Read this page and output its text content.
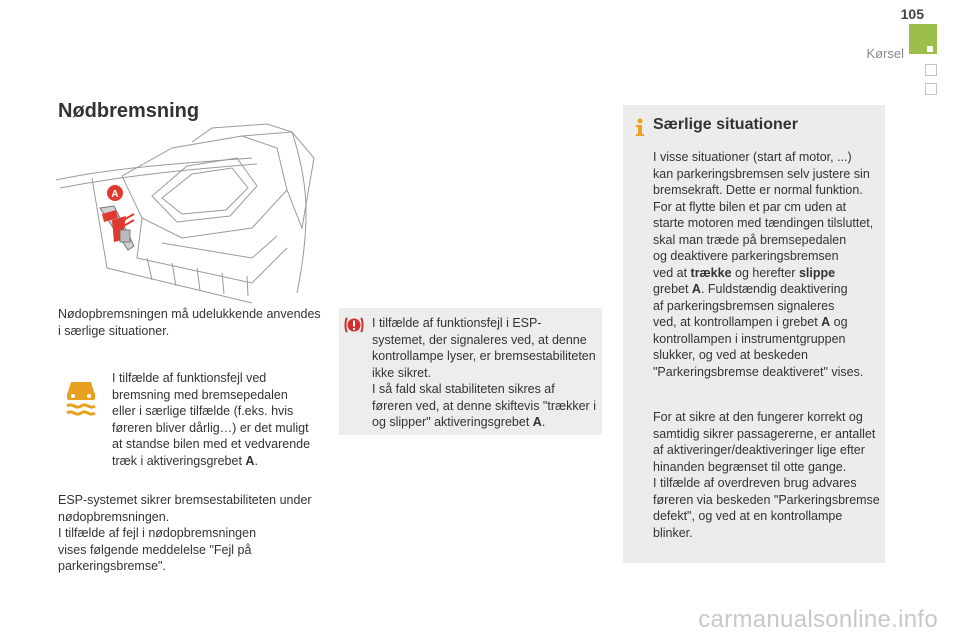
105
Kørsel
Nødbremsning
A
Nødopbremsningen må udelukkende anvendes
i særlige situationer.
I tilfælde af funktionsfejl ved
bremsning med bremsepedalen
eller i særlige tilfælde (f.eks. hvis
føreren bliver dårlig…) er det muligt
at standse bilen med et vedvarende
træk i aktiveringsgrebet A.
ESP-systemet sikrer bremsestabiliteten under
nødopbremsningen.
I tilfælde af fejl i nødopbremsningen
vises følgende meddelelse "Fejl på
parkeringsbremse".
I tilfælde af funktionsfejl i ESP-
systemet, der signaleres ved, at denne
kontrollampe lyser, er bremsestabiliteten
ikke sikret.
I så fald skal stabiliteten sikres af
føreren ved, at denne skiftevis "trækker i
og slipper" aktiveringsgrebet A.
Særlige situationer
I visse situationer (start af motor, ...)
kan parkeringsbremsen selv justere sin
bremsekraft. Dette er normal funktion.
For at flytte bilen et par cm uden at
starte motoren med tændingen tilsluttet,
skal man træde på bremsepedalen
og deaktivere parkeringsbremsen
ved at trække og herefter slippe
grebet A. Fuldstændig deaktivering
af parkeringsbremsen signaleres
ved, at kontrollampen i grebet A og
kontrollampen i instrumentgruppen
slukker, og ved at beskeden
"Parkeringsbremse deaktiveret" vises.
For at sikre at den fungerer korrekt og
samtidig sikrer passagererne, er antallet
af aktiveringer/deaktiveringer lige efter
hinanden begrænset til otte gange.
I tilfælde af overdreven brug advares
føreren via beskeden "Parkeringsbremse
defekt", og ved at en kontrollampe
blinker.
carmanualsonline.info
